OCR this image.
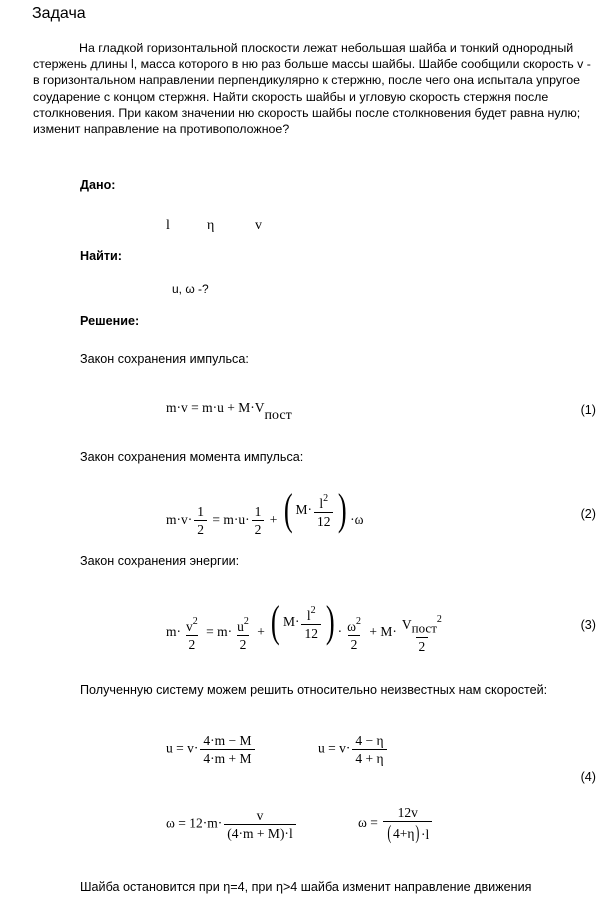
Задача
На гладкой горизонтальной плоскости лежат небольшая шайба и тонкий однородный стержень длины l, масса которого в ню раз больше массы шайбы. Шайбе сообщили скорость v - в горизонтальном направлении перпендикулярно к стержню, после чего она испытала упругое соударение с концом стержня. Найти скорость шайбы и угловую скорость стержня после столкновения. При каком значении ню скорость шайбы после столкновения будет равна нулю; изменит направление на противоположное?
Дано:
l	η	v
Найти:
u, ω -?
Решение:
Закон сохранения импульса:
$m\cdot v = m\cdot u + M\cdot V_{пост}$	(1)
Закон сохранения момента импульса:
$m\cdot v\cdot \frac{1}{2} = m\cdot u\cdot \frac{1}{2}$ + ( $M \cdot \frac{l^2}{12}$ ) ·ω	(2)
Закон сохранения энергии:
$m\cdot \frac{v^2}{2} = m\cdot \frac{u^2}{2}$ + ( $M \cdot \frac{l^2}{12}$ ) · $\frac{\omega^2}{2} + M\cdot \frac{V_{пост}^2}{2}$	(3)
Полученную систему можем решить относительно неизвестных нам скоростей:
$u = v\cdot \frac{4\cdot m - M}{4\cdot m + M}$	$u = v\cdot \frac{4 - \eta}{4 + \eta}$
(4)
$\omega = 12\cdot m\cdot \frac{v}{(4\cdot m + M)\cdot l}$	$\omega = \frac{12v}{( 4 + \eta ) \cdot l}$
Шайба остановится при η=4, при η>4 шайба изменит направление движения
